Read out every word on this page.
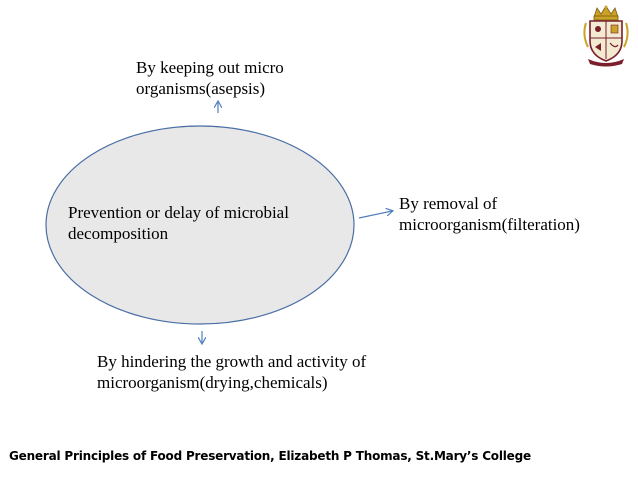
By keeping out micro
organisms(asepsis)
Prevention or delay of microbial
decomposition
By removal of
microorganism(filteration)
By hindering the growth and activity of
microorganism(drying,chemicals)
General Principles of Food Preservation, Elizabeth P Thomas, St.Mary’s College
